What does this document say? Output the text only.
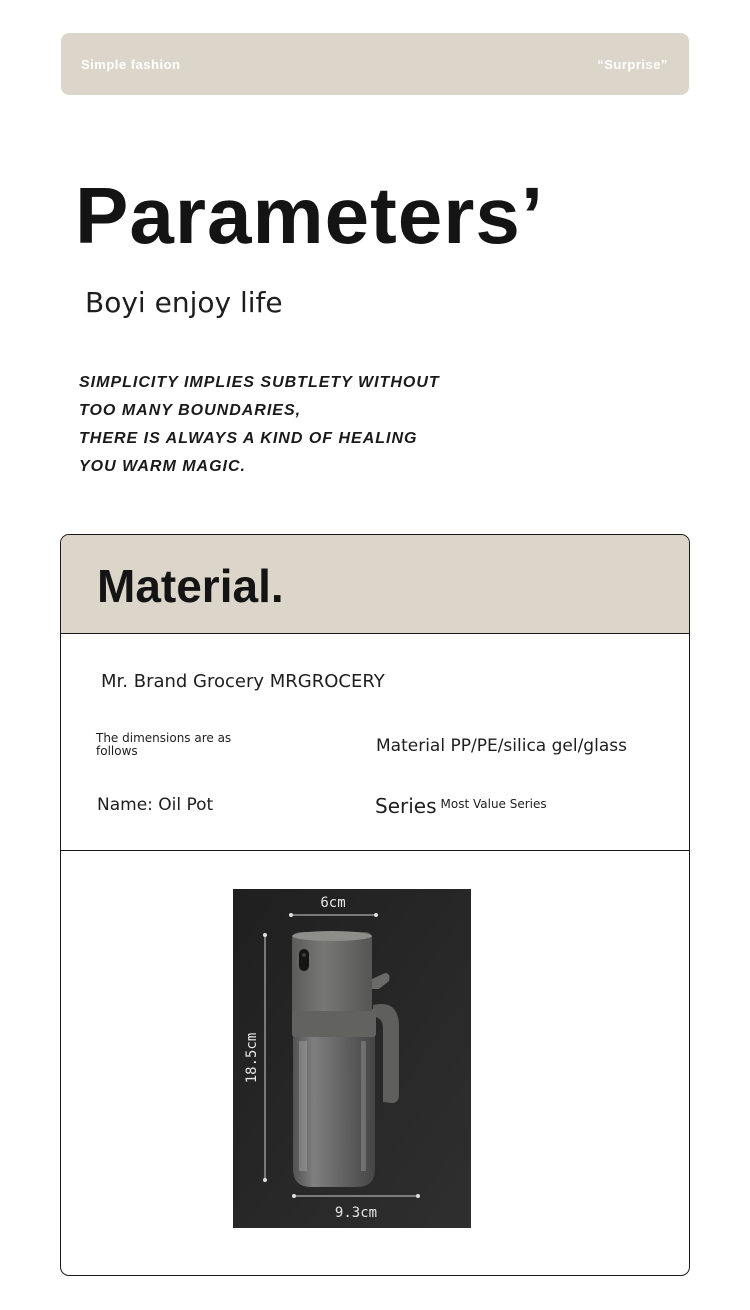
Simple fashion	“Surprise”
Parameters’
Boyi enjoy life
SIMPLICITY IMPLIES SUBTLETY WITHOUT
TOO MANY BOUNDARIES,
THERE IS ALWAYS A KIND OF HEALING
YOU WARM MAGIC.
Material.
Mr. Brand Grocery MRGROCERY
The dimensions are as follows	Material PP/PE/silica gel/glass
Name: Oil Pot	Series $^{Most Value Series}$
6cm
18.5cm
9.3cm
